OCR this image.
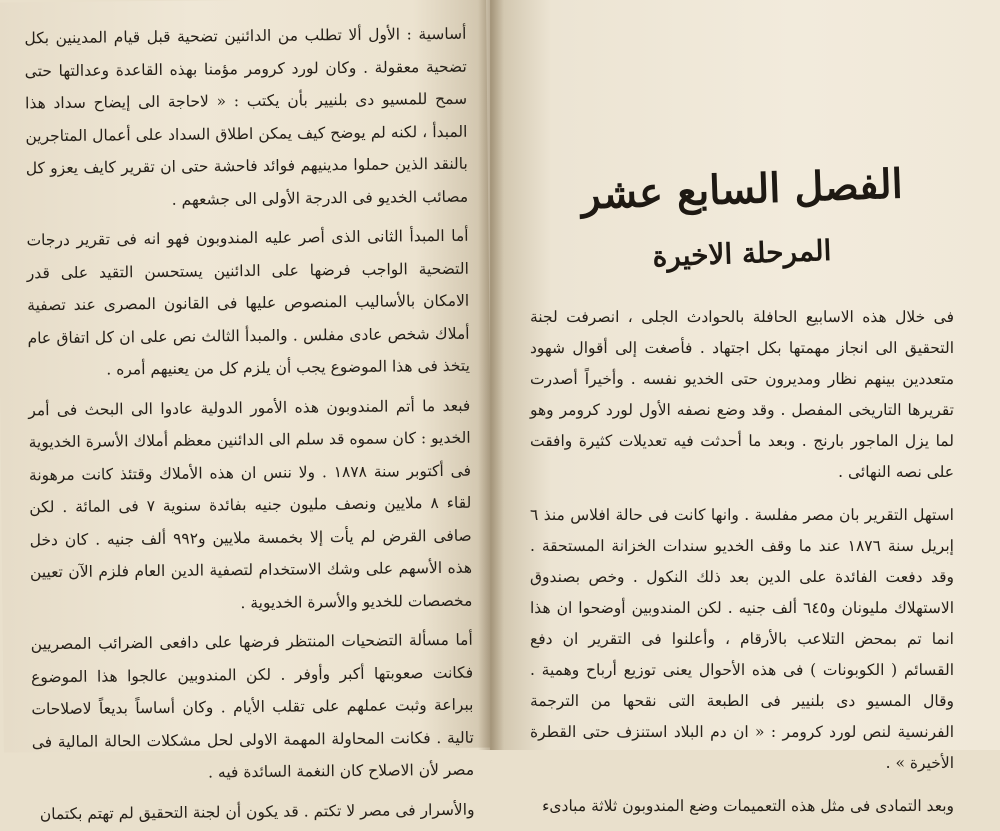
أساسية : الأول ألا تطلب من الدائنين تضحية قبل قيام المدينين بكل تضحية معقولة . وكان لورد كرومر مؤمنا بهذه القاعدة وعدالتها حتى سمح للمسيو دى بلنيير بأن يكتب : « لاحاجة الى إيضاح سداد هذا المبدأ ، لكنه لم يوضح كيف يمكن اطلاق السداد على أعمال المتاجرين بالنقد الذين حملوا مدينيهم فوائد فاحشة حتى ان تقرير كايف يعزو كل مصائب الخديو فى الدرجة الأولى الى جشعهم .

أما المبدأ الثانى الذى أصر عليه المندوبون فهو انه فى تقرير درجات التضحية الواجب فرضها على الدائنين يستحسن التقيد على قدر الامكان بالأساليب المنصوص عليها فى القانون المصرى عند تصفية أملاك شخص عادى مفلس . والمبدأ الثالث نص على ان كل اتفاق عام يتخذ فى هذا الموضوع يجب أن يلزم كل من يعنيهم أمره .

فبعد ما أتم المندوبون هذه الأمور الدولية عادوا الى البحث فى أمر الخديو : كان سموه قد سلم الى الدائنين معظم أملاك الأسرة الخديوية فى أكتوبر سنة ١٨٧٨ . ولا ننس ان هذه الأملاك وقتئذ كانت مرهونة لقاء ٨ ملايين ونصف مليون جنيه بفائدة سنوية ٧ فى المائة . لكن صافى القرض لم يأت إلا بخمسة ملايين و٩٩٢ ألف جنيه . كان دخل هذه الأسهم على وشك الاستخدام لتصفية الدين العام فلزم الآن تعيين مخصصات للخديو والأسرة الخديوية .

أما مسألة التضحيات المنتظر فرضها على دافعى الضرائب المصريين فكانت صعوبتها أكبر وأوفر . لكن المندوبين عالجوا هذا الموضوع ببراعة وثبت عملهم على تقلب الأيام . وكان أساساً بديعاً لاصلاحات تالية . فكانت المحاولة المهمة الاولى لحل مشكلات الحالة المالية فى مصر لأن الاصلاح كان النغمة السائدة فيه .

والأسرار فى مصر لا تكتم . قد يكون أن لجنة التحقيق لم تهتم بكتمان

الفصل السابع عشر
المرحلة الاخيرة

فى خلال هذه الاسابيع الحافلة بالحوادث الجلى ، انصرفت لجنة التحقيق الى انجاز مهمتها بكل اجتهاد . فأصغت إلى أقوال شهود متعددين بينهم نظار ومديرون حتى الخديو نفسه . وأخيراً أصدرت تقريرها التاريخى المفصل . وقد وضع نصفه الأول لورد كرومر وهو لما يزل الماجور بارنج . وبعد ما أحدثت فيه تعديلات كثيرة وافقت على نصه النهائى .

استهل التقرير بان مصر مفلسة . وانها كانت فى حالة افلاس منذ ٦ إبريل سنة ١٨٧٦ عند ما وقف الخديو سندات الخزانة المستحقة . وقد دفعت الفائدة على الدين بعد ذلك النكول . وخص بصندوق الاستهلاك مليونان و٦٤٥ ألف جنيه . لكن المندوبين أوضحوا ان هذا انما تم بمحض التلاعب بالأرقام ، وأعلنوا فى التقرير ان دفع القسائم ( الكوبونات ) فى هذه الأحوال يعنى توزيع أرباح وهمية . وقال المسيو دى بلنيير فى الطبعة التى نقحها من الترجمة الفرنسية لنص لورد كرومر : « ان دم البلاد استنزف حتى القطرة الأخيرة » .

وبعد التمادى فى مثل هذه التعميمات وضع المندوبون ثلاثة مبادىء
